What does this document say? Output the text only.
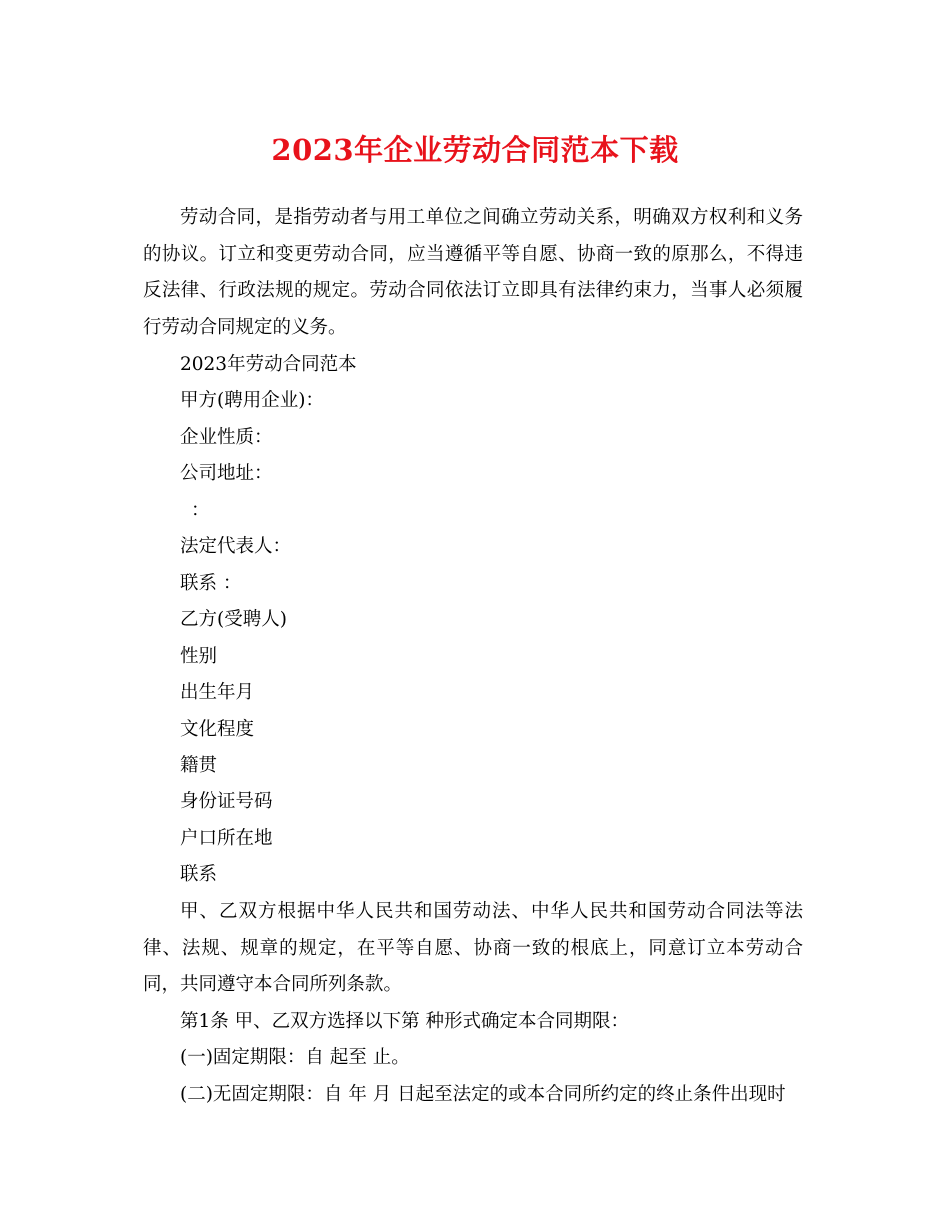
2023年企业劳动合同范本下载

劳动合同，是指劳动者与用工单位之间确立劳动关系，明确双方权利和义务的协议。订立和变更劳动合同，应当遵循平等自愿、协商一致的原那么，不得违反法律、行政法规的规定。劳动合同依法订立即具有法律约束力，当事人必须履行劳动合同规定的义务。

2023年劳动合同范本
甲方(聘用企业)：
企业性质：
公司地址：
：
法定代表人：
联系 ：
乙方(受聘人)
性别
出生年月
文化程度
籍贯
身份证号码
户口所在地
联系

甲、乙双方根据中华人民共和国劳动法、中华人民共和国劳动合同法等法律、法规、规章的规定，在平等自愿、协商一致的根底上，同意订立本劳动合同，共同遵守本合同所列条款。

第1条 甲、乙双方选择以下第 种形式确定本合同期限：
(一)固定期限：自 起至 止。
(二)无固定期限：自 年 月 日起至法定的或本合同所约定的终止条件出现时
